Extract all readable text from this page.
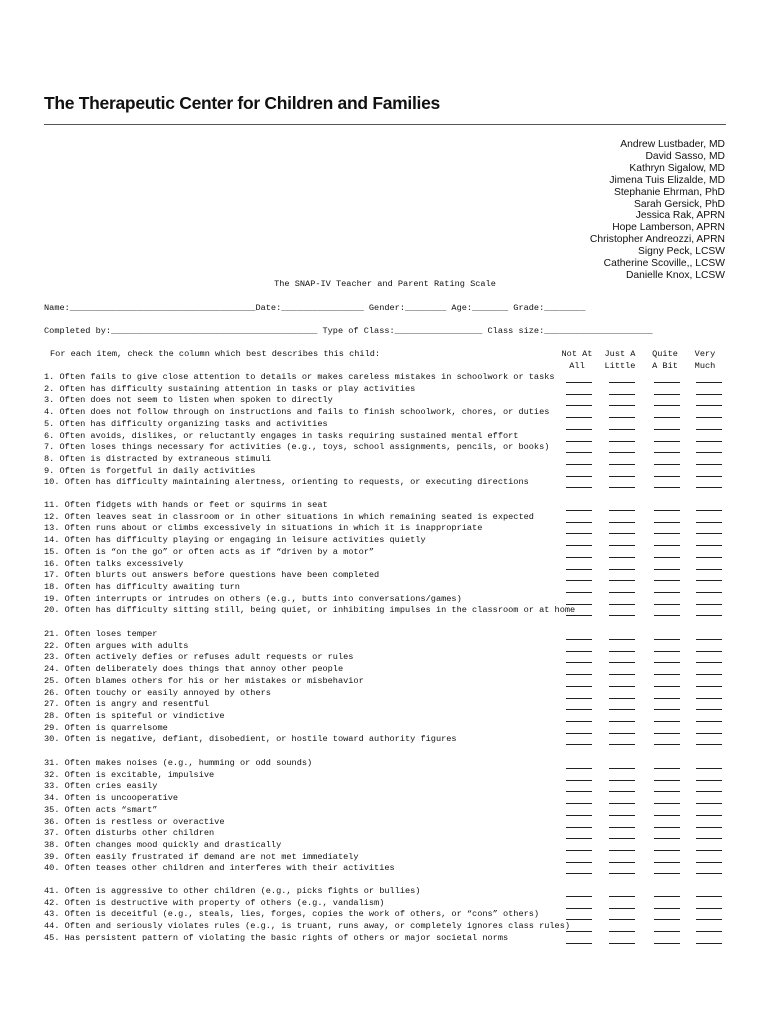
The Therapeutic Center for Children and Families
Andrew Lustbader, MD
David Sasso, MD
Kathryn Sigalow, MD
Jimena Tuis Elizalde, MD
Stephanie Ehrman, PhD
Sarah Gersick, PhD
Jessica Rak, APRN
Hope Lamberson, APRN
Christopher Andreozzi, APRN
Signy Peck, LCSW
Catherine Scoville,, LCSW
Danielle Knox, LCSW
The SNAP-IV Teacher and Parent Rating Scale
Name:____________________________________Date:________________ Gender:________ Age:_______ Grade:________
Completed by:________________________________________ Type of Class:_________________ Class size:_____________________
For each item, check the column which best describes this child:	Not At
All
Just A
Little
Quite
A Bit
Very
Much
1. Often fails to give close attention to details or makes careless mistakes in schoolwork or tasks
2. Often has difficulty sustaining attention in tasks or play activities
3. Often does not seem to listen when spoken to directly
4. Often does not follow through on instructions and fails to finish schoolwork, chores, or duties
5. Often has difficulty organizing tasks and activities
6. Often avoids, dislikes, or reluctantly engages in tasks requiring sustained mental effort
7. Often loses things necessary for activities (e.g., toys, school assignments, pencils, or books)
8. Often is distracted by extraneous stimuli
9. Often is forgetful in daily activities
10. Often has difficulty maintaining alertness, orienting to requests, or executing directions
11. Often fidgets with hands or feet or squirms in seat
12. Often leaves seat in classroom or in other situations in which remaining seated is expected
13. Often runs about or climbs excessively in situations in which it is inappropriate
14. Often has difficulty playing or engaging in leisure activities quietly
15. Often is “on the go” or often acts as if “driven by a motor”
16. Often talks excessively
17. Often blurts out answers before questions have been completed
18. Often has difficulty awaiting turn
19. Often interrupts or intrudes on others (e.g., butts into conversations/games)
20. Often has difficulty sitting still, being quiet, or inhibiting impulses in the classroom or at home
21. Often loses temper
22. Often argues with adults
23. Often actively defies or refuses adult requests or rules
24. Often deliberately does things that annoy other people
25. Often blames others for his or her mistakes or misbehavior
26. Often touchy or easily annoyed by others
27. Often is angry and resentful
28. Often is spiteful or vindictive
29. Often is quarrelsome
30. Often is negative, defiant, disobedient, or hostile toward authority figures
31. Often makes noises (e.g., humming or odd sounds)
32. Often is excitable, impulsive
33. Often cries easily
34. Often is uncooperative
35. Often acts “smart”
36. Often is restless or overactive
37. Often disturbs other children
38. Often changes mood quickly and drastically
39. Often easily frustrated if demand are not met immediately
40. Often teases other children and interferes with their activities
41. Often is aggressive to other children (e.g., picks fights or bullies)
42. Often is destructive with property of others (e.g., vandalism)
43. Often is deceitful (e.g., steals, lies, forges, copies the work of others, or “cons” others)
44. Often and seriously violates rules (e.g., is truant, runs away, or completely ignores class rules)
45. Has persistent pattern of violating the basic rights of others or major societal norms
